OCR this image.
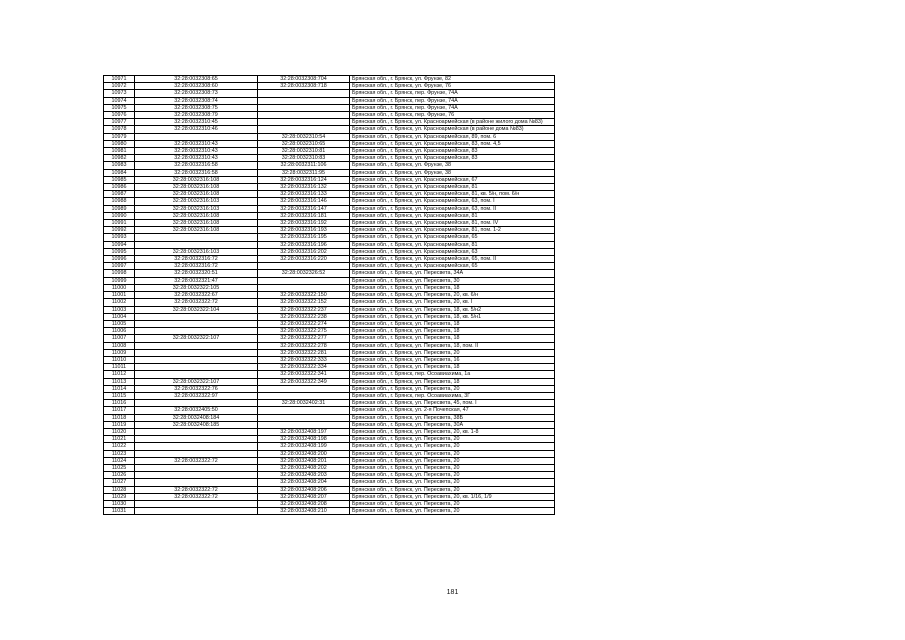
10971	32:28:0032308:65	32:28:0032308:704	Брянская обл., г. Брянск, ул. Фрунзе, 82
10972	32:28:0032308:60	32:28:0032308:718	Брянская обл., г. Брянск, ул. Фрунзе, 76
10973	32:28:0032308:73		Брянская обл., г. Брянск, пер. Фрунзе, 74А
10974	32:28:0032308:74		Брянская обл., г. Брянск, пер. Фрунзе, 74А
10975	32:28:0032308:75		Брянская обл., г. Брянск, пер. Фрунзе, 74А
10976	32:28:0032308:79		Брянская обл., г. Брянск, пер. Фрунзе, 76
10977	32:28:0032310:45		Брянская обл., г. Брянск, ул. Красноармейская (в районе жилого дома №83)
10978	32:28:0032310:46		Брянская обл., г. Брянск, ул. Красноармейская (в районе дома №83)
10979		32:28:0032310:54	Брянская обл., г. Брянск, ул. Красноармейская, 89, пом. 6
10980	32:28:0032310:43	32:28:0032310:65	Брянская обл., г. Брянск, ул. Красноармейская, 83, пом. 4,5
10981	32:28:0032310:43	32:28:0032310:81	Брянская обл., г. Брянск, ул. Красноармейская, 83
10982	32:28:0032310:43	32:28:0032310:83	Брянская обл., г. Брянск, ул. Красноармейская, 83
10983	32:28:0032316:58	32:28:0032311:106	Брянская обл., г. Брянск, ул. Фрунзе, 38
10984	32:28:0032316:58	32:28:0032311:95	Брянская обл., г. Брянск, ул. Фрунзе, 38
10985	32:28:0032316:108	32:28:0032316:124	Брянская обл., г. Брянск, ул. Красноармейская, 67
10986	32:28:0032316:108	32:28:0032316:132	Брянская обл., г. Брянск, ул. Красноармейская, 81
10987	32:28:0032316:108	32:28:0032316:133	Брянская обл., г. Брянск, ул. Красноармейская, 81, кв. 5/н, пом. 6/н
10988	32:28:0032316:103	32:28:0032316:146	Брянская обл., г. Брянск, ул. Красноармейская, 63, пом. I
10989	32:28:0032316:103	32:28:0032316:147	Брянская обл., г. Брянск, ул. Красноармейская, 63, пом. II
10990	32:28:0032316:108	32:28:0032316:181	Брянская обл., г. Брянск, ул. Красноармейская, 81
10991	32:28:0032316:108	32:28:0032316:192	Брянская обл., г. Брянск, ул. Красноармейская, 81, пом. IV
10992	32:28:0032316:108	32:28:0032316:193	Брянская обл., г. Брянск, ул. Красноармейская, 81, пом. 1-2
10993		32:28:0032316:195	Брянская обл., г. Брянск, ул. Красноармейская, 65
10994		32:28:0032316:196	Брянская обл., г. Брянск, ул. Красноармейская, 81
10995	32:28:0032316:103	32:28:0032316:202	Брянская обл., г. Брянск, ул. Красноармейская, 63
10996	32:28:0032316:72	32:28:0032316:220	Брянская обл., г. Брянск, ул. Красноармейская, 65, пом. II
10997	32:28:0032316:72		Брянская обл., г. Брянск, ул. Красноармейская, 65
10998	32:28:0032320:51	32:28:0032326:52	Брянская обл., г. Брянск, ул. Пересвета, 34А
10999	32:28:0032321:47		Брянская обл., г. Брянск, ул. Пересвета, 30
11000	32:28:0032322:105		Брянская обл., г. Брянск, ул. Пересвета, 18
11001	32:28:0032322:67	32:28:0032322:150	Брянская обл., г. Брянск, ул. Пересвета, 20, кв. 6/н
11002	32:28:0032322:72	32:28:0032322:152	Брянская обл., г. Брянск, ул. Пересвета, 20, кв. I
11003	32:28:0032322:104	32:28:0032322:237	Брянская обл., г. Брянск, ул. Пересвета, 18, кв. 5/н2
11004		32:28:0032322:238	Брянская обл., г. Брянск, ул. Пересвета, 18, кв. 5/н1
11005		32:28:0032322:274	Брянская обл., г. Брянск, ул. Пересвета, 18
11006		32:28:0032322:275	Брянская обл., г. Брянск, ул. Пересвета, 18
11007	32:28:0032322:107	32:28:0032322:277	Брянская обл., г. Брянск, ул. Пересвета, 18
11008		32:28:0032322:278	Брянская обл., г. Брянск, ул. Пересвета, 18, пом. II
11009		32:28:0032322:281	Брянская обл., г. Брянск, ул. Пересвета, 20
11010		32:28:0032322:333	Брянская обл., г. Брянск, ул. Пересвета, 16
11011		32:28:0032322:334	Брянская обл., г. Брянск, ул. Пересвета, 18
11012		32:28:0032322:341	Брянская обл., г. Брянск, пер. Осоавиахима, 1а
11013	32:28:0032322:107	32:28:0032322:349	Брянская обл., г. Брянск, ул. Пересвета, 18
11014	32:28:0032322:76		Брянская обл., г. Брянск, ул. Пересвета, 20
11015	32:28:0032322:97		Брянская обл., г. Брянск, пер. Осоавиахима, 3Г
11016		32:28:0032402:31	Брянская обл., г. Брянск, ул. Пересвета, 45, пом. I
11017	32:28:0032405:50		Брянская обл., г. Брянск, ул. 2-я Почепская, 47
11018	32:28:0032408:184		Брянская обл., г. Брянск, ул. Пересвета, 38Б
11019	32:28:0032408:185		Брянская обл., г. Брянск, ул. Пересвета, 30А
11020		32:28:0032408:197	Брянская обл., г. Брянск, ул. Пересвета, 20, кв. 1-8
11021		32:28:0032408:198	Брянская обл., г. Брянск, ул. Пересвета, 20
11022		32:28:0032408:199	Брянская обл., г. Брянск, ул. Пересвета, 20
11023		32:28:0032408:200	Брянская обл., г. Брянск, ул. Пересвета, 20
11024	32:28:0032322:72	32:28:0032408:201	Брянская обл., г. Брянск, ул. Пересвета, 20
11025		32:28:0032408:202	Брянская обл., г. Брянск, ул. Пересвета, 20
11026		32:28:0032408:203	Брянская обл., г. Брянск, ул. Пересвета, 20
11027		32:28:0032408:204	Брянская обл., г. Брянск, ул. Пересвета, 20
11028	32:28:0032322:72	32:28:0032408:206	Брянская обл., г. Брянск, ул. Пересвета, 20
11029	32:28:0032322:72	32:28:0032408:207	Брянская обл., г. Брянск, ул. Пересвета, 20, кв. 1/16, 1/9
11030		32:28:0032408:208	Брянская обл., г. Брянск, ул. Пересвета, 20
11031		32:28:0032408:210	Брянская обл., г. Брянск, ул. Пересвета, 20
181
